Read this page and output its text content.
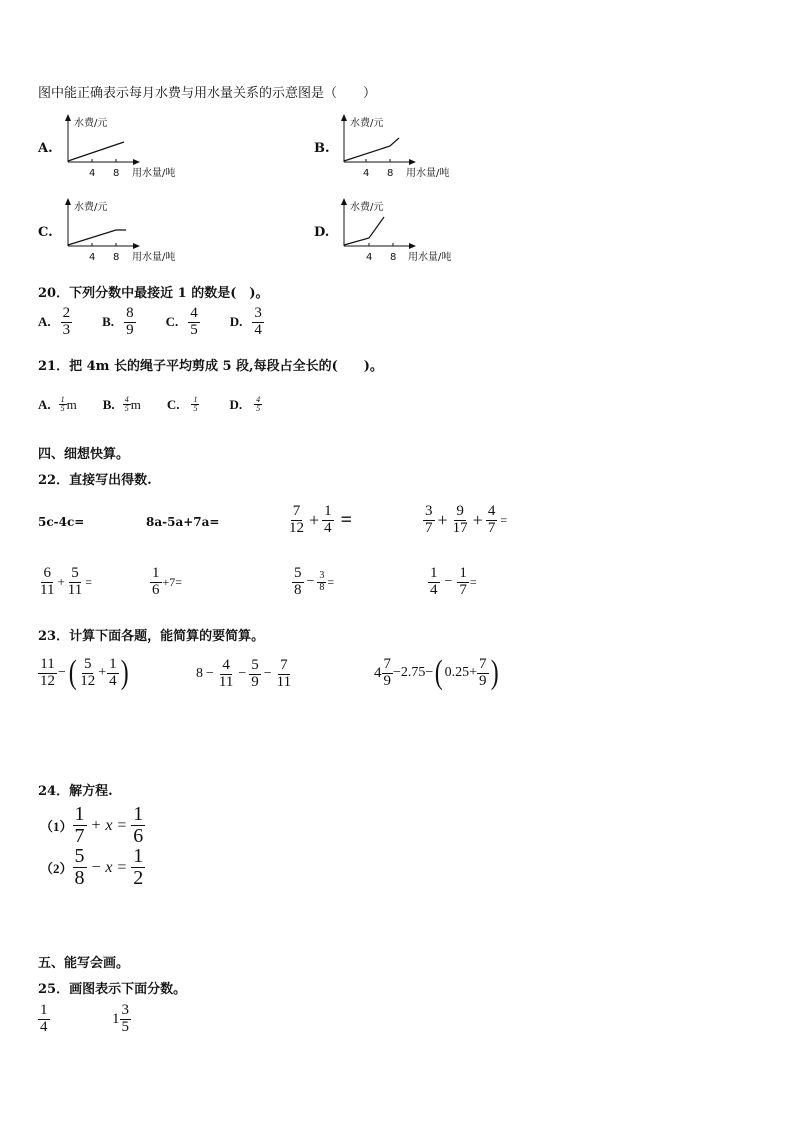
图中能正确表示每月水费与用水量关系的示意图是（　　）
A.
水费/元
4 8 用水量/吨
B.
水费/元
4 8 用水量/吨
C.
水费/元
4 8 用水量/吨
D.
水费/元
4 8 用水量/吨
20．下列分数中最接近 1 的数是(　)。
A. $\frac{2}{3} B$. $\frac{8}{9} C$. $\frac{4}{5} D$. $\frac{3}{4}$
21．把 4m 长的绳子平均剪成 5 段,每段占全长的(　　)。
A. $\frac{1}{5}$ m B. $\frac{4}{5}$ m C. $\frac{1}{5} D$. $\frac{4}{5}$
四、细想快算。
22．直接写出得数.
5c-4c=	8a-5a+7a=	$\frac{7}{12} + \frac{1}{4}$ =	$\frac{3}{7} + \frac{9}{17} + \frac{4}{7}$ =
$\frac{6}{11} + \frac{5}{11}$ =	$\frac{1}{6} +7=$	$\frac{5}{8} - \frac{3}{8}$ =	$\frac{1}{4} - \frac{1}{7}$ =
23．计算下面各题，能简算的要简算。
$\frac{11}{12}$ − ( $\frac{5}{12} + \frac{1}{4}$ )	$8 - \frac{4}{11} - \frac{5}{9} - \frac{7}{11}$	$4 \frac{7}{9} -2.75-$ ( $0.25+ \frac{7}{9}$ )
24．解方程.
$(1) \frac{1}{7} + x = \frac{1}{6}$
$(2) \frac{5}{8} - x = \frac{1}{2}$
五、能写会画。
25．画图表示下面分数。
$\frac{1}{4}$	$1 \frac{3}{5}$
